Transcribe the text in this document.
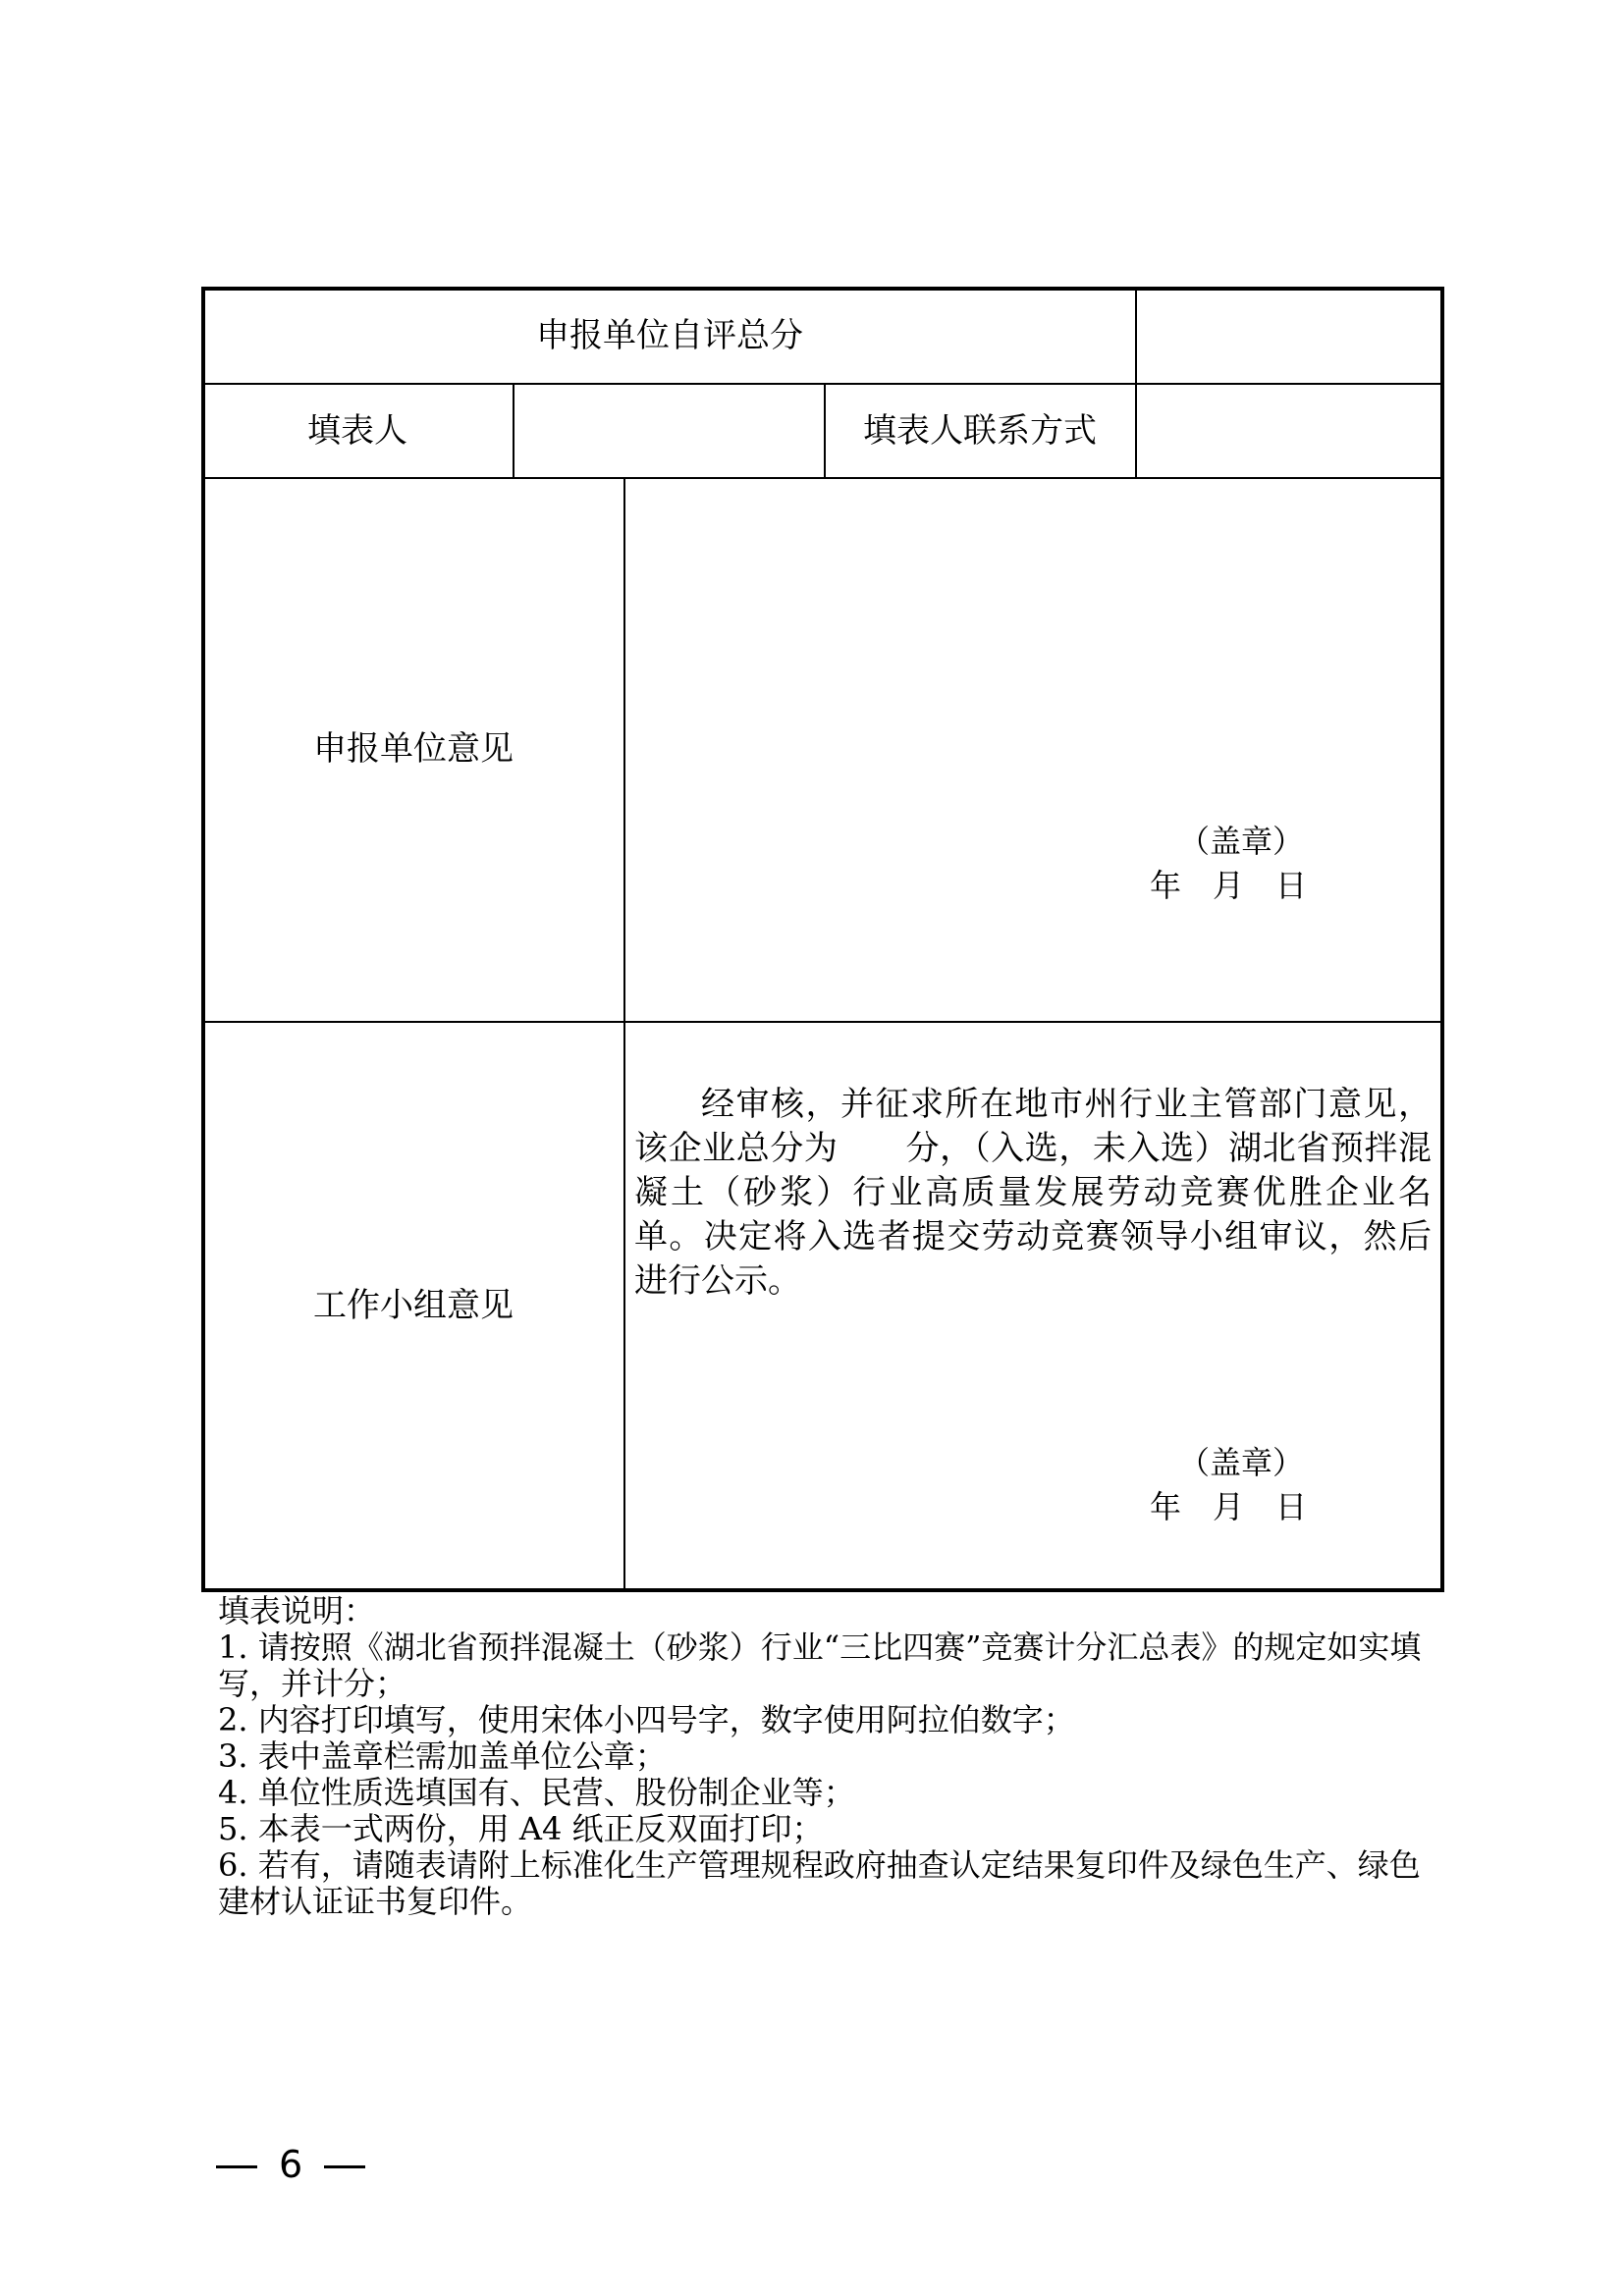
申报单位自评总分
填表人	填表人联系方式
申报单位意见
（盖章）
年　月　日
工作小组意见

经审核，并征求所在地市州行业主管部门意见，该企业总分为　　分，（入选，未入选）湖北省预拌混凝土（砂浆）行业高质量发展劳动竞赛优胜企业名单。决定将入选者提交劳动竞赛领导小组审议，然后进行公示。

（盖章）
年　月　日
填表说明：
1. 请按照《湖北省预拌混凝土（砂浆）行业“三比四赛”竞赛计分汇总表》的规定如实填写，并计分；
2. 内容打印填写，使用宋体小四号字，数字使用阿拉伯数字；
3. 表中盖章栏需加盖单位公章；
4. 单位性质选填国有、民营、股份制企业等；
5. 本表一式两份，用 A4 纸正反双面打印；
6. 若有，请随表请附上标准化生产管理规程政府抽查认定结果复印件及绿色生产、绿色建材认证证书复印件。
6
